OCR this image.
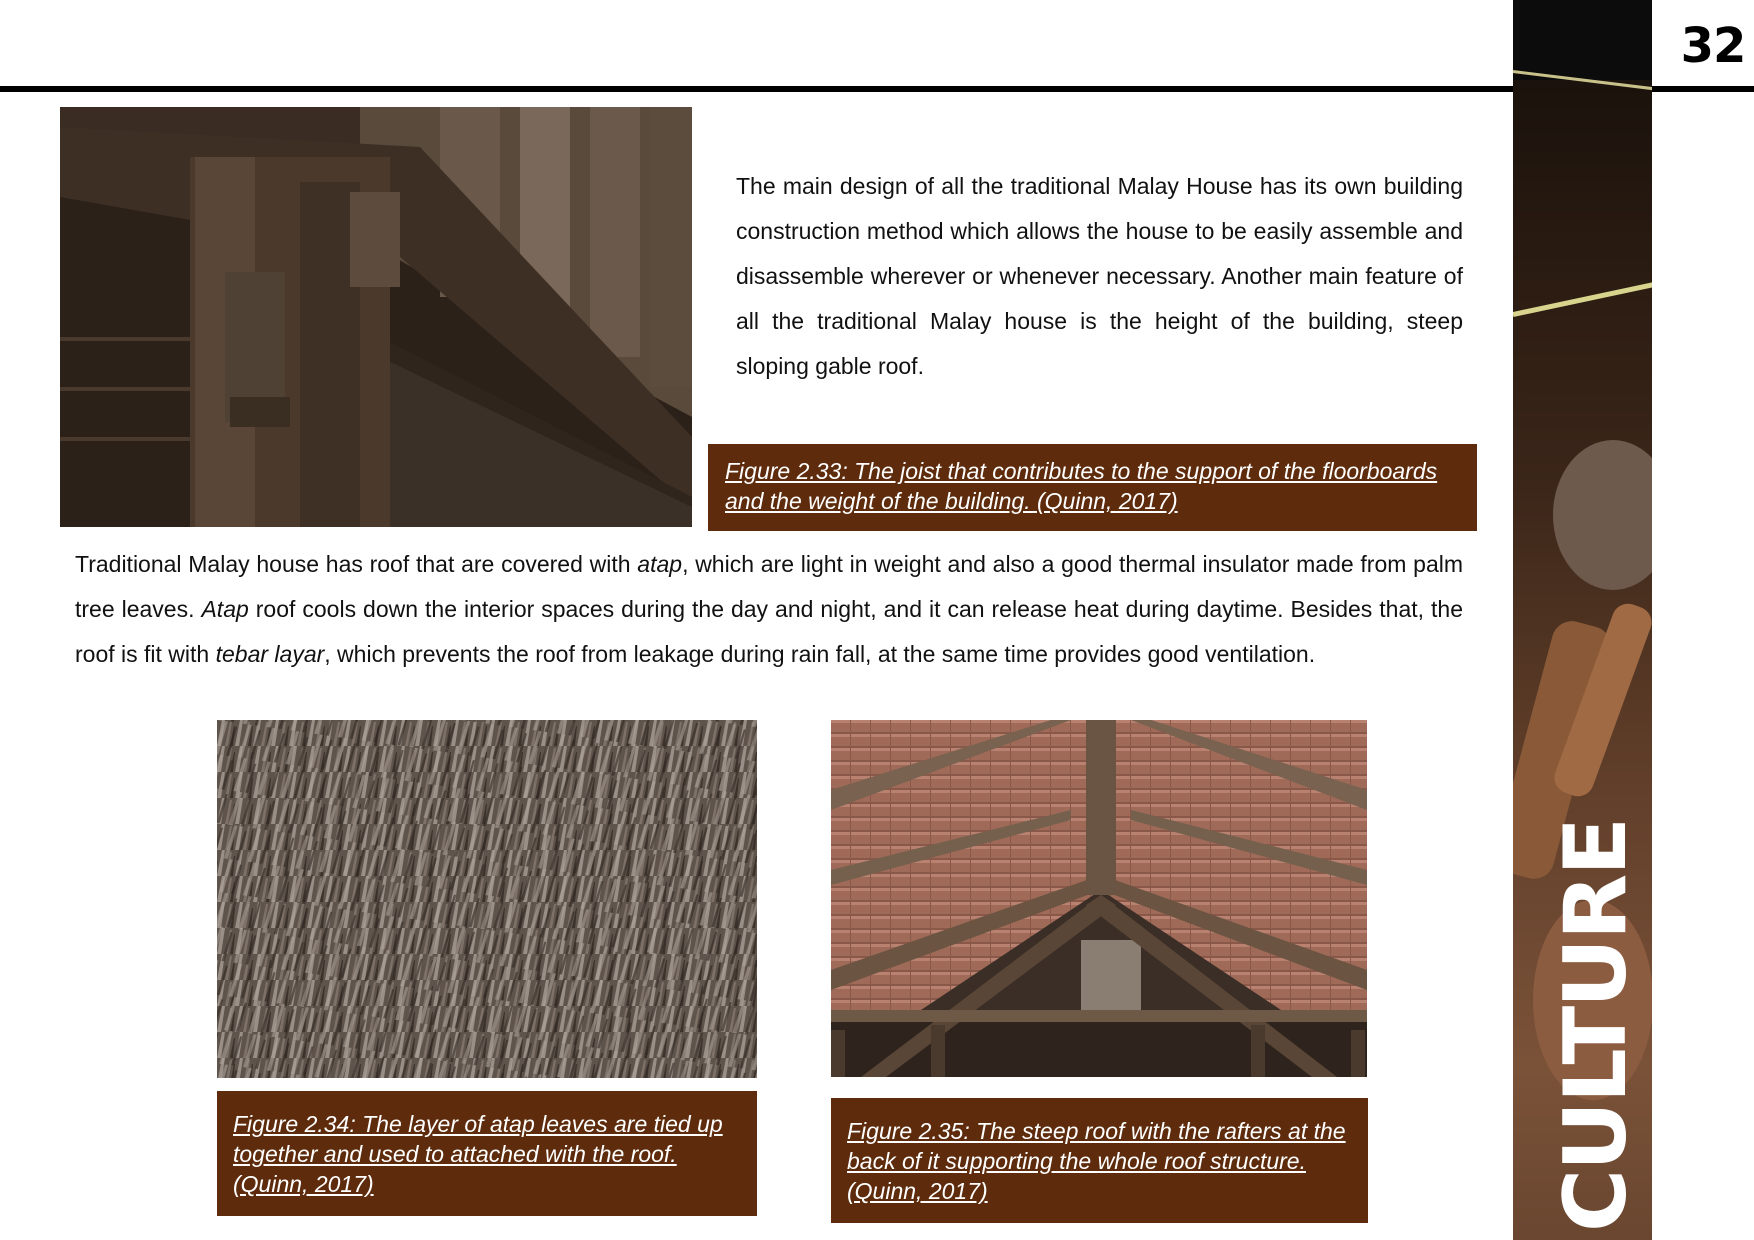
CULTURE
32

The main design of all the traditional Malay House has its own building construction method which allows the house to be easily assemble and disassemble wherever or whenever necessary. Another main feature of all the traditional Malay house is the height of the building, steep sloping gable roof.

Figure 2.33: The joist that contributes to the support of the floorboards and the weight of the building. (Quinn, 2017)

Traditional Malay house has roof that are covered with atap, which are light in weight and also a good thermal insulator made from palm tree leaves. Atap roof cools down the interior spaces during the day and night, and it can release heat during daytime. Besides that, the roof is fit with tebar layar, which prevents the roof from leakage during rain fall, at the same time provides good ventilation.

Figure 2.34: The layer of atap leaves are tied up together and used to attached with the roof. (Quinn, 2017)
Figure 2.35: The steep roof with the rafters at the back of it supporting the whole roof structure. (Quinn, 2017)
